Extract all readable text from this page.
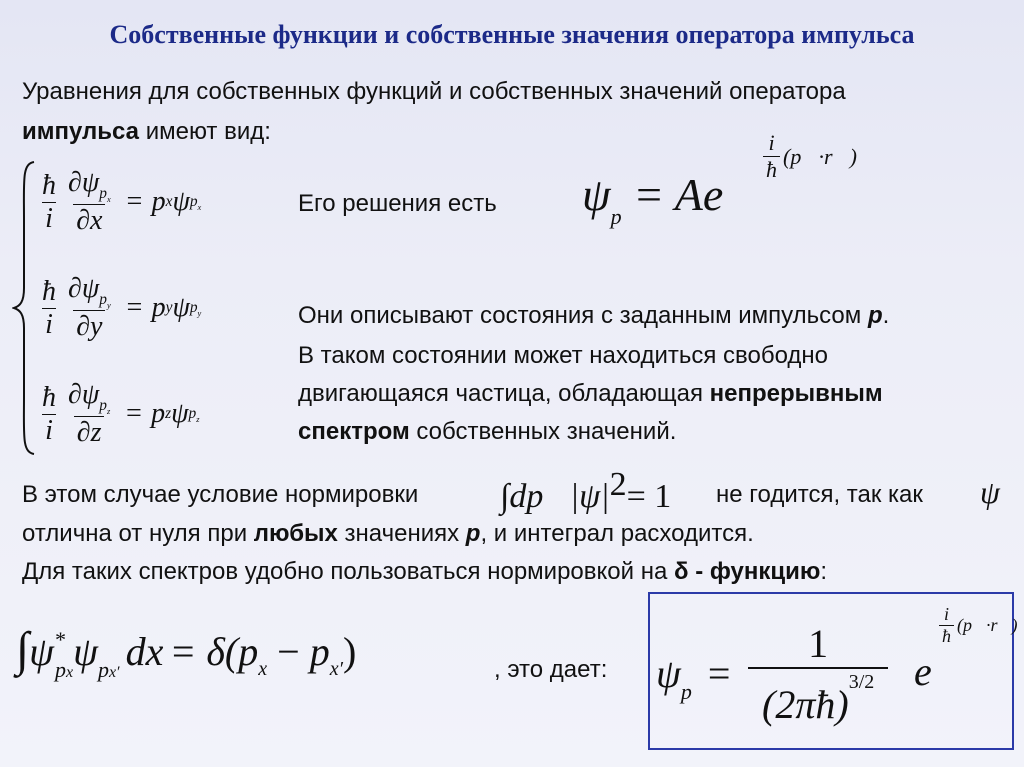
Собственные функции и собственные значения оператора импульса
Уравнения для собственных функций и собственных значений оператора
импульса имеют вид:
$\frac{ħ}{i} \frac{\partial\psi_{p_x}}{\partial x} = p$ x ψ $p_x$
$\frac{ħ}{i} \frac{\partial\psi_{p_y}}{\partial y} = p$ y ψ $p_y$
$\frac{ħ}{i} \frac{\partial\psi_{p_z}}{\partial z} = p$ z ψ $p_z$
Его решения есть $\psi_p = Ae$
$\frac{i}{ħ}$ (p⃗·r⃗)
Они описывают состояния с заданным импульсом p.
В таком состоянии может находиться свободно
двигающаяся частица, обладающая непрерывным
спектром собственных значений.
В этом случае условие нормировки ∫dp⃗|ψ|2= 1 не годится, так как ψ
отлична от нуля при любых значениях p, и интеграл расходится.
Для таких спектров удобно пользоваться нормировкой на δ - функцию:
$\int\psi^*_{px}\psi_{px'}$ dx = $\delta(p_x - p_{x'})$	, это дает: $\psi_p$ =
1
(2πħ)$^{3/2}$ e
$\frac{i}{ħ}$ (p⃗·r⃗)
